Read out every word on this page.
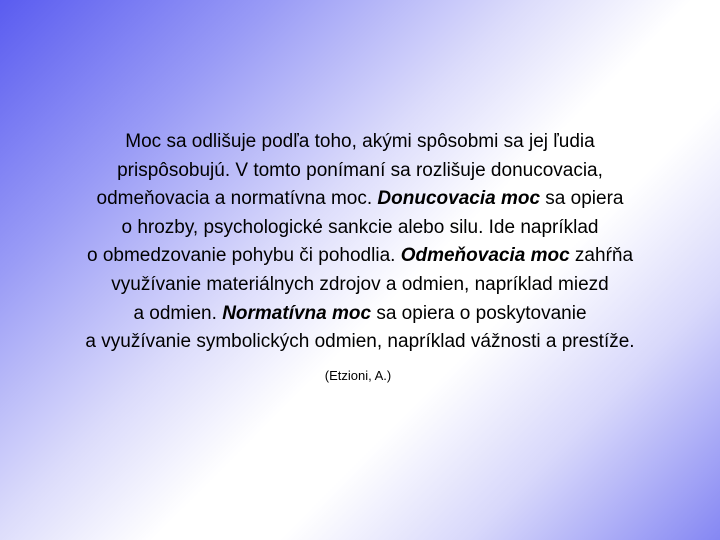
Moc sa odlišuje podľa toho, akými spôsobmi sa jej ľudia
prispôsobujú. V tomto ponímaní sa rozlišuje donucovacia,
odmeňovacia a normatívna moc. Donucovacia moc sa opiera
o hrozby, psychologické sankcie alebo silu. Ide napríklad
o obmedzovanie pohybu či pohodlia. Odmeňovacia moc zahŕňa
využívanie materiálnych zdrojov a odmien, napríklad miezd
a odmien. Normatívna moc sa opiera o poskytovanie
a využívanie symbolických odmien, napríklad vážnosti a prestíže.

(Etzioni, A.)
